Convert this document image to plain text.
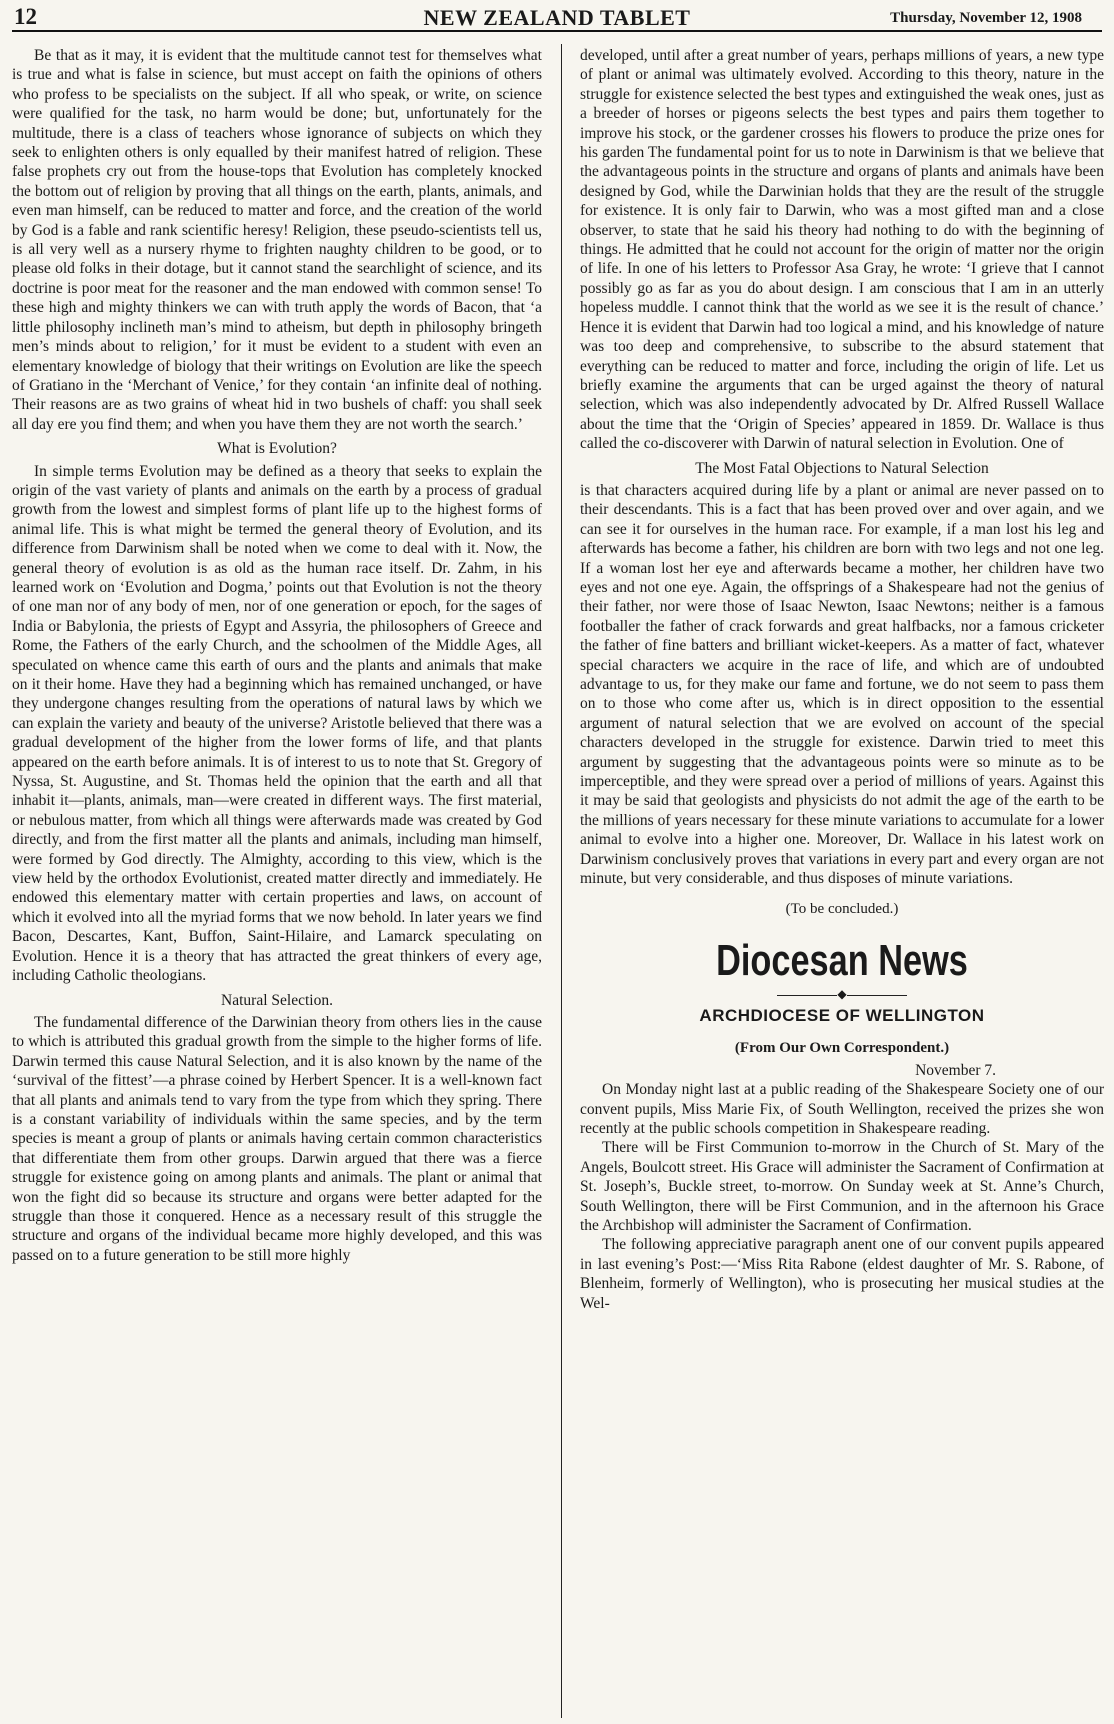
12	NEW ZEALAND TABLET	Thursday, November 12, 1908

Be that as it may, it is evident that the multitude cannot test for themselves what is true and what is false in science, but must accept on faith the opinions of others who profess to be specialists on the subject. If all who speak, or write, on science were qualified for the task, no harm would be done; but, unfortunately for the multitude, there is a class of teachers whose ignorance of subjects on which they seek to enlighten others is only equalled by their manifest hatred of religion. These false prophets cry out from the house-tops that Evolution has completely knocked the bottom out of religion by proving that all things on the earth, plants, animals, and even man himself, can be reduced to matter and force, and the creation of the world by God is a fable and rank scientific heresy! Religion, these pseudo-scientists tell us, is all very well as a nursery rhyme to frighten naughty children to be good, or to please old folks in their dotage, but it cannot stand the searchlight of science, and its doctrine is poor meat for the reasoner and the man endowed with common sense! To these high and mighty thinkers we can with truth apply the words of Bacon, that ‘a little philosophy inclineth man’s mind to atheism, but depth in philosophy bringeth men’s minds about to religion,’ for it must be evident to a student with even an elementary knowledge of biology that their writings on Evolution are like the speech of Gratiano in the ‘Merchant of Venice,’ for they contain ‘an infinite deal of nothing. Their reasons are as two grains of wheat hid in two bushels of chaff: you shall seek all day ere you find them; and when you have them they are not worth the search.’

What is Evolution?

In simple terms Evolution may be defined as a theory that seeks to explain the origin of the vast variety of plants and animals on the earth by a process of gradual growth from the lowest and simplest forms of plant life up to the highest forms of animal life. This is what might be termed the general theory of Evolution, and its difference from Darwinism shall be noted when we come to deal with it. Now, the general theory of evolution is as old as the human race itself. Dr. Zahm, in his learned work on ‘Evolution and Dogma,’ points out that Evolution is not the theory of one man nor of any body of men, nor of one generation or epoch, for the sages of India or Babylonia, the priests of Egypt and Assyria, the philosophers of Greece and Rome, the Fathers of the early Church, and the schoolmen of the Middle Ages, all speculated on whence came this earth of ours and the plants and animals that make on it their home. Have they had a beginning which has remained unchanged, or have they undergone changes resulting from the operations of natural laws by which we can explain the variety and beauty of the universe? Aristotle believed that there was a gradual development of the higher from the lower forms of life, and that plants appeared on the earth before animals. It is of interest to us to note that St. Gregory of Nyssa, St. Augustine, and St. Thomas held the opinion that the earth and all that inhabit it—plants, animals, man—were created in different ways. The first material, or nebulous matter, from which all things were afterwards made was created by God directly, and from the first matter all the plants and animals, including man himself, were formed by God directly. The Almighty, according to this view, which is the view held by the orthodox Evolutionist, created matter directly and immediately. He endowed this elementary matter with certain properties and laws, on account of which it evolved into all the myriad forms that we now behold. In later years we find Bacon, Descartes, Kant, Buffon, Saint-Hilaire, and Lamarck speculating on Evolution. Hence it is a theory that has attracted the great thinkers of every age, including Catholic theologians.

Natural Selection.

The fundamental difference of the Darwinian theory from others lies in the cause to which is attributed this gradual growth from the simple to the higher forms of life. Darwin termed this cause Natural Selection, and it is also known by the name of the ‘survival of the fittest’—a phrase coined by Herbert Spencer. It is a well-known fact that all plants and animals tend to vary from the type from which they spring. There is a constant variability of individuals within the same species, and by the term species is meant a group of plants or animals having certain common characteristics that differentiate them from other groups. Darwin argued that there was a fierce struggle for existence going on among plants and animals. The plant or animal that won the fight did so because its structure and organs were better adapted for the struggle than those it conquered. Hence as a necessary result of this struggle the structure and organs of the individual became more highly developed, and this was passed on to a future generation to be still more highly

developed, until after a great number of years, perhaps millions of years, a new type of plant or animal was ultimately evolved. According to this theory, nature in the struggle for existence selected the best types and extinguished the weak ones, just as a breeder of horses or pigeons selects the best types and pairs them together to improve his stock, or the gardener crosses his flowers to produce the prize ones for his garden The fundamental point for us to note in Darwinism is that we believe that the advantageous points in the structure and organs of plants and animals have been designed by God, while the Darwinian holds that they are the result of the struggle for existence. It is only fair to Darwin, who was a most gifted man and a close observer, to state that he said his theory had nothing to do with the beginning of things. He admitted that he could not account for the origin of matter nor the origin of life. In one of his letters to Professor Asa Gray, he wrote: ‘I grieve that I cannot possibly go as far as you do about design. I am conscious that I am in an utterly hopeless muddle. I cannot think that the world as we see it is the result of chance.’ Hence it is evident that Darwin had too logical a mind, and his knowledge of nature was too deep and comprehensive, to subscribe to the absurd statement that everything can be reduced to matter and force, including the origin of life. Let us briefly examine the arguments that can be urged against the theory of natural selection, which was also independently advocated by Dr. Alfred Russell Wallace about the time that the ‘Origin of Species’ appeared in 1859. Dr. Wallace is thus called the co-discoverer with Darwin of natural selection in Evolution. One of

The Most Fatal Objections to Natural Selection

is that characters acquired during life by a plant or animal are never passed on to their descendants. This is a fact that has been proved over and over again, and we can see it for ourselves in the human race. For example, if a man lost his leg and afterwards has become a father, his children are born with two legs and not one leg. If a woman lost her eye and afterwards became a mother, her children have two eyes and not one eye. Again, the offsprings of a Shakespeare had not the genius of their father, nor were those of Isaac Newton, Isaac Newtons; neither is a famous footballer the father of crack forwards and great halfbacks, nor a famous cricketer the father of fine batters and brilliant wicket-keepers. As a matter of fact, whatever special characters we acquire in the race of life, and which are of undoubted advantage to us, for they make our fame and fortune, we do not seem to pass them on to those who come after us, which is in direct opposition to the essential argument of natural selection that we are evolved on account of the special characters developed in the struggle for existence. Darwin tried to meet this argument by suggesting that the advantageous points were so minute as to be imperceptible, and they were spread over a period of millions of years. Against this it may be said that geologists and physicists do not admit the age of the earth to be the millions of years necessary for these minute variations to accumulate for a lower animal to evolve into a higher one. Moreover, Dr. Wallace in his latest work on Darwinism conclusively proves that variations in every part and every organ are not minute, but very considerable, and thus disposes of minute variations.

(To be concluded.)
Diocesan News
◆
ARCHDIOCESE OF WELLINGTON
(From Our Own Correspondent.)
November 7.

On Monday night last at a public reading of the Shakespeare Society one of our convent pupils, Miss Marie Fix, of South Wellington, received the prizes she won recently at the public schools competition in Shakespeare reading.

There will be First Communion to-morrow in the Church of St. Mary of the Angels, Boulcott street. His Grace will administer the Sacrament of Confirmation at St. Joseph’s, Buckle street, to-morrow. On Sunday week at St. Anne’s Church, South Wellington, there will be First Communion, and in the afternoon his Grace the Archbishop will administer the Sacrament of Confirmation.

The following appreciative paragraph anent one of our convent pupils appeared in last evening’s Post:—‘Miss Rita Rabone (eldest daughter of Mr. S. Rabone, of Blenheim, formerly of Wellington), who is prosecuting her musical studies at the Wel-
